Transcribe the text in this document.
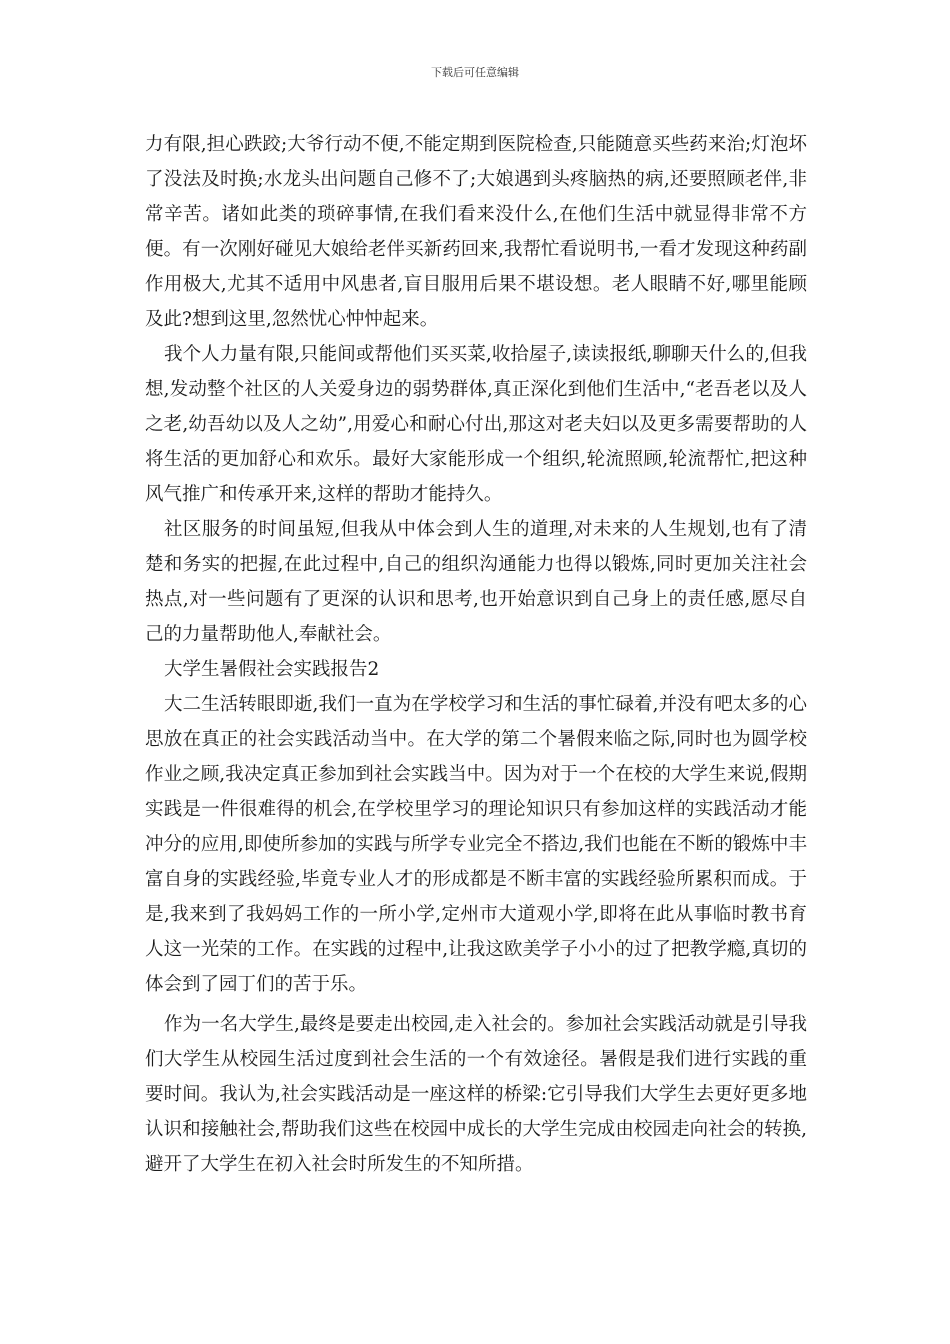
下载后可任意编辑

力有限,担心跌跤;大爷行动不便,不能定期到医院检查,只能随意买些药来治;灯泡坏了没法及时换;水龙头出问题自己修不了;大娘遇到头疼脑热的病,还要照顾老伴,非常辛苦。诸如此类的琐碎事情,在我们看来没什么,在他们生活中就显得非常不方便。有一次刚好碰见大娘给老伴买新药回来,我帮忙看说明书,一看才发现这种药副作用极大,尤其不适用中风患者,盲目服用后果不堪设想。老人眼睛不好,哪里能顾及此?想到这里,忽然忧心忡忡起来。

我个人力量有限,只能间或帮他们买买菜,收拾屋子,读读报纸,聊聊天什么的,但我想,发动整个社区的人关爱身边的弱势群体,真正深化到他们生活中,“老吾老以及人之老,幼吾幼以及人之幼”,用爱心和耐心付出,那这对老夫妇以及更多需要帮助的人将生活的更加舒心和欢乐。最好大家能形成一个组织,轮流照顾,轮流帮忙,把这种风气推广和传承开来,这样的帮助才能持久。

社区服务的时间虽短,但我从中体会到人生的道理,对未来的人生规划,也有了清楚和务实的把握,在此过程中,自己的组织沟通能力也得以锻炼,同时更加关注社会热点,对一些问题有了更深的认识和思考,也开始意识到自己身上的责任感,愿尽自己的力量帮助他人,奉献社会。

大学生暑假社会实践报告2

大二生活转眼即逝,我们一直为在学校学习和生活的事忙碌着,并没有吧太多的心思放在真正的社会实践活动当中。在大学的第二个暑假来临之际,同时也为圆学校作业之顾,我决定真正参加到社会实践当中。因为对于一个在校的大学生来说,假期实践是一件很难得的机会,在学校里学习的理论知识只有参加这样的实践活动才能冲分的应用,即使所参加的实践与所学专业完全不搭边,我们也能在不断的锻炼中丰富自身的实践经验,毕竟专业人才的形成都是不断丰富的实践经验所累积而成。于是,我来到了我妈妈工作的一所小学,定州市大道观小学,即将在此从事临时教书育人这一光荣的工作。在实践的过程中,让我这欧美学子小小的过了把教学瘾,真切的体会到了园丁们的苦于乐。

作为一名大学生,最终是要走出校园,走入社会的。参加社会实践活动就是引导我们大学生从校园生活过度到社会生活的一个有效途径。暑假是我们进行实践的重要时间。我认为,社会实践活动是一座这样的桥梁:它引导我们大学生去更好更多地认识和接触社会,帮助我们这些在校园中成长的大学生完成由校园走向社会的转换,避开了大学生在初入社会时所发生的不知所措。
